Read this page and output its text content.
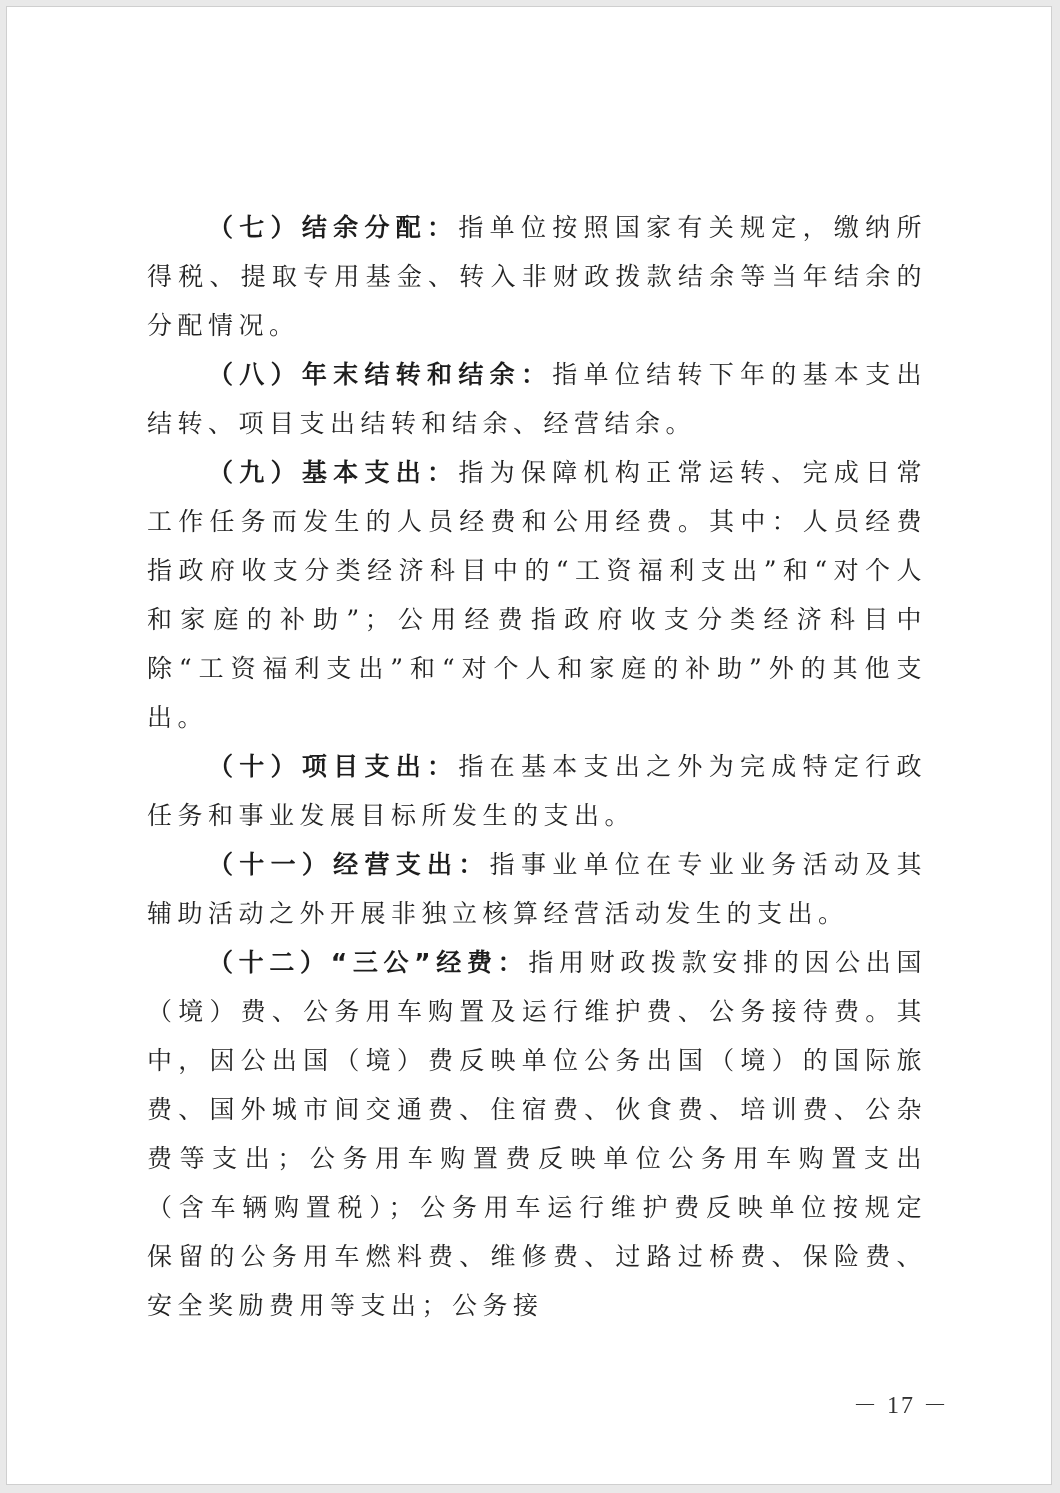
（七）结余分配：指单位按照国家有关规定，缴纳所得税、提取专用基金、转入非财政拨款结余等当年结余的分配情况。

（八）年末结转和结余：指单位结转下年的基本支出结转、项目支出结转和结余、经营结余。

（九）基本支出：指为保障机构正常运转、完成日常工作任务而发生的人员经费和公用经费。其中：人员经费指政府收支分类经济科目中的“工资福利支出”和“对个人和家庭的补助”；公用经费指政府收支分类经济科目中除“工资福利支出”和“对个人和家庭的补助”外的其他支出。

（十）项目支出：指在基本支出之外为完成特定行政任务和事业发展目标所发生的支出。

（十一）经营支出：指事业单位在专业业务活动及其辅助活动之外开展非独立核算经营活动发生的支出。

（十二）“三公”经费：指用财政拨款安排的因公出国（境）费、公务用车购置及运行维护费、公务接待费。其中，因公出国（境）费反映单位公务出国（境）的国际旅费、国外城市间交通费、住宿费、伙食费、培训费、公杂费等支出；公务用车购置费反映单位公务用车购置支出（含车辆购置税）；公务用车运行维护费反映单位按规定保留的公务用车燃料费、维修费、过路过桥费、保险费、安全奖励费用等支出；公务接

－ 17 －
